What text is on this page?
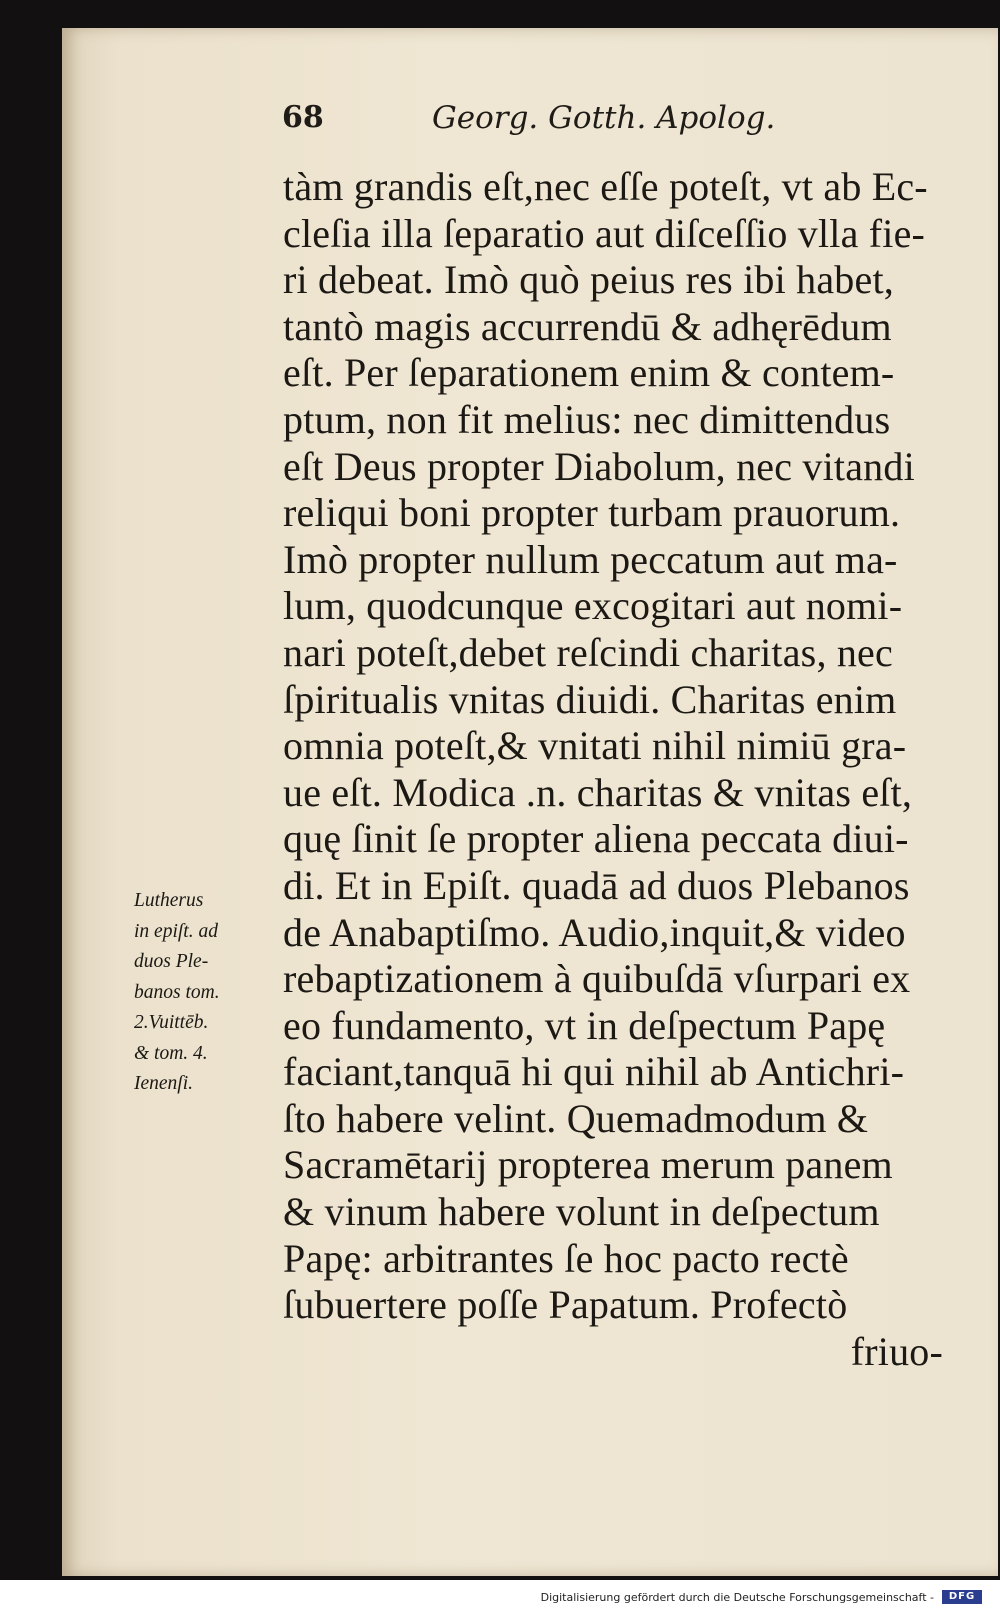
68	Georg. Gotth. Apolog.
tàm grandis eſt,nec eſſe poteſt, vt ab Ec-
cleſia illa ſeparatio aut diſceſſio vlla fie-
ri debeat. Imò quò peius res ibi habet,
tantò magis accurrendū & adhęrēdum
eſt. Per ſeparationem enim & contem-
ptum, non fit melius: nec dimittendus
eſt Deus propter Diabolum, nec vitandi
reliqui boni propter turbam prauorum.
Imò propter nullum peccatum aut ma-
lum, quodcunque excogitari aut nomi-
nari poteſt,debet reſcindi charitas, nec
ſpiritualis vnitas diuidi. Charitas enim
omnia poteſt,& vnitati nihil nimiū gra-
ue eſt. Modica .n. charitas & vnitas eſt,
quę ſinit ſe propter aliena peccata diui-
di. Et in Epiſt. quadā ad duos Plebanos
de Anabaptiſmo. Audio,inquit,& video
rebaptizationem à quibuſdā vſurpari ex
eo fundamento, vt in deſpectum Papę
faciant,tanquā hi qui nihil ab Antichri-
ſto habere velint. Quemadmodum &
Sacramētarij propterea merum panem
& vinum habere volunt in deſpectum
Papę: arbitrantes ſe hoc pacto rectè
ſubuertere poſſe Papatum. Profectò
friuo-
Lutherus
in epiſt. ad
duos Ple-
banos tom.
2.Vuittēb.
& tom. 4.
Ienenſi.
Digitalisierung gefördert durch die Deutsche Forschungsgemeinschaft -	DFG
